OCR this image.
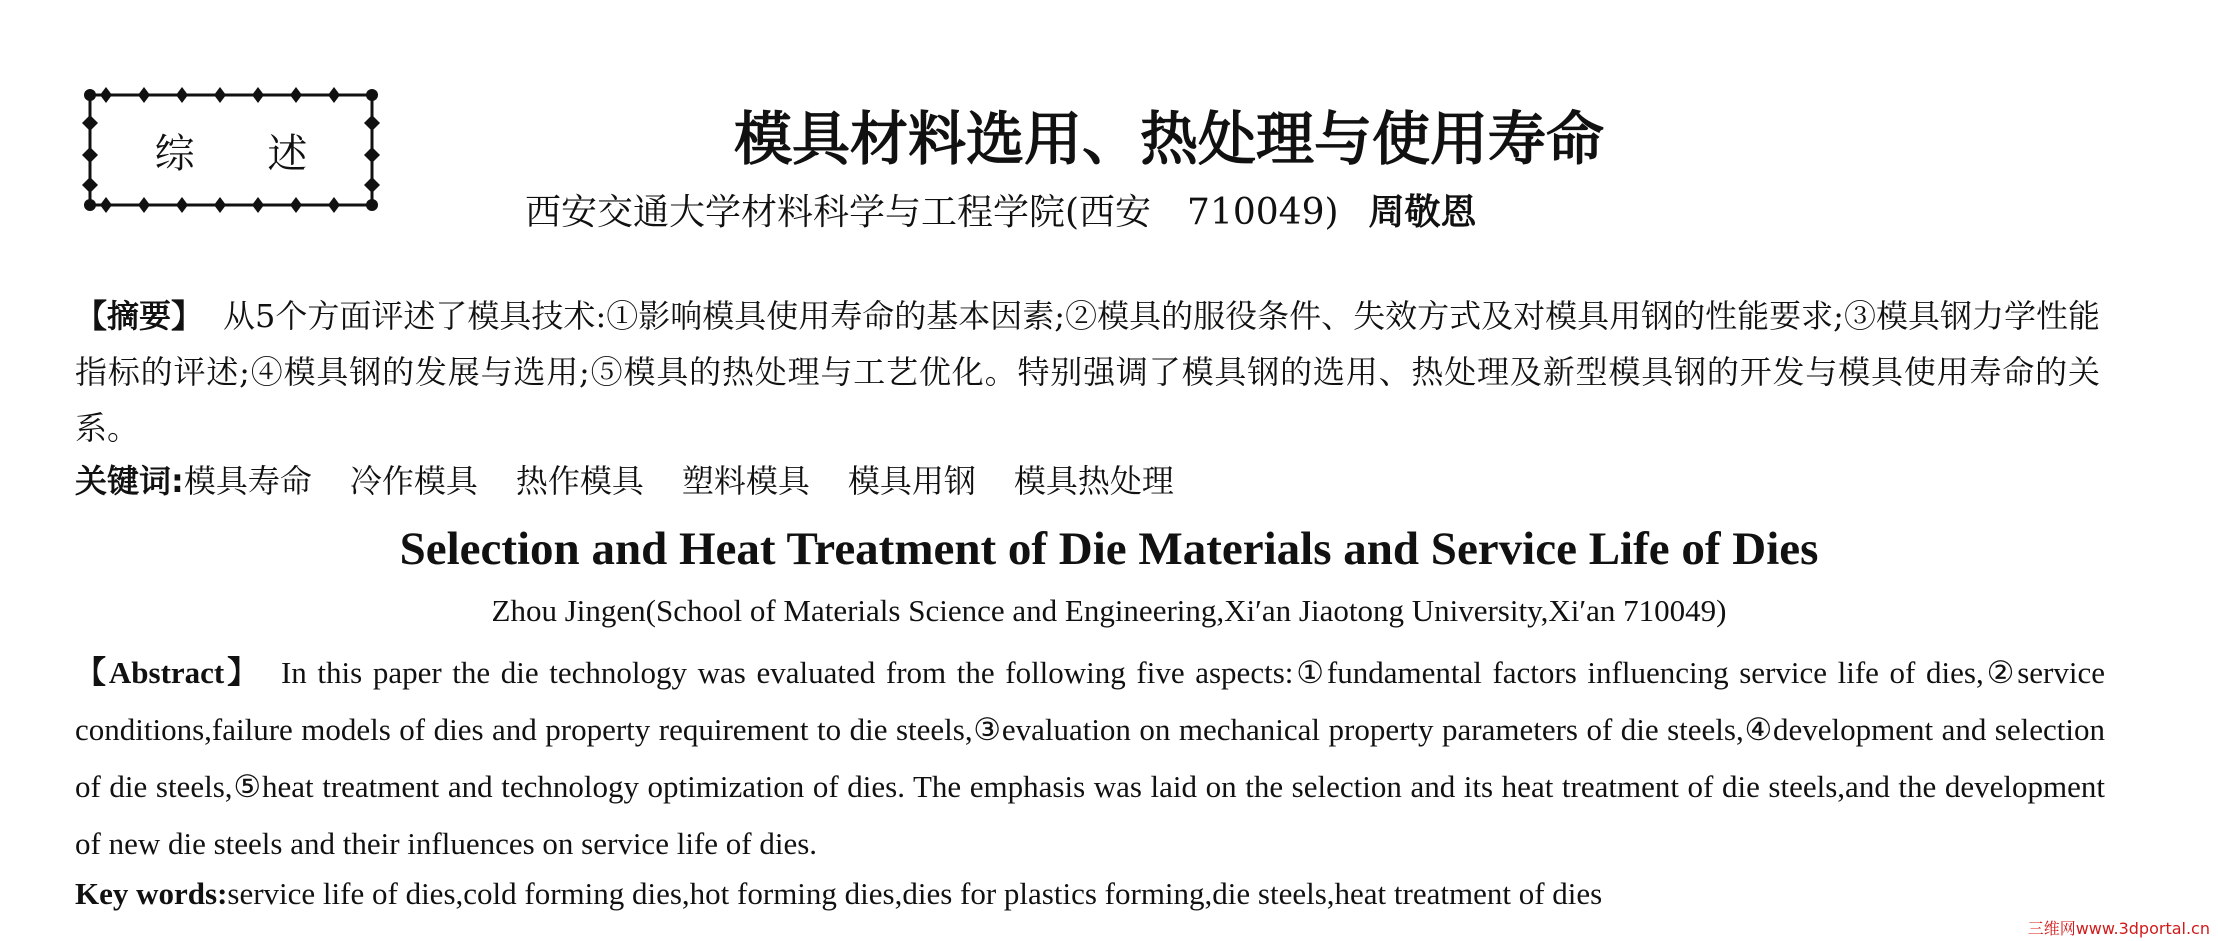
综 述	模具材料选用、热处理与使用寿命
西安交通大学材料科学与工程学院(西安　710049) 周敬恩
【摘要】 从5个方面评述了模具技术:①影响模具使用寿命的基本因素;②模具的服役条件、失效方式及对模具用钢的性能要求;③模具钢力学性能指标的评述;④模具钢的发展与选用;⑤模具的热处理与工艺优化。特别强调了模具钢的选用、热处理及新型模具钢的开发与模具使用寿命的关系。
关键词:模具寿命 冷作模具 热作模具 塑料模具 模具用钢 模具热处理
Selection and Heat Treatment of Die Materials and Service Life of Dies
Zhou Jingen(School of Materials Science and Engineering,Xi′an Jiaotong University,Xi′an 710049)
【Abstract】 In this paper the die technology was evaluated from the following five aspects:①fundamental factors influencing service life of dies,②service conditions,failure models of dies and property requirement to die steels,③evaluation on mechanical property parameters of die steels,④development and selection of die steels,⑤heat treatment and technology optimization of dies. The emphasis was laid on the selection and its heat treatment of die steels,and the development of new die steels and their influences on service life of dies.
Key words:service life of dies,cold forming dies,hot forming dies,dies for plastics forming,die steels,heat treatment of dies
三维网www.3dportal.cn
